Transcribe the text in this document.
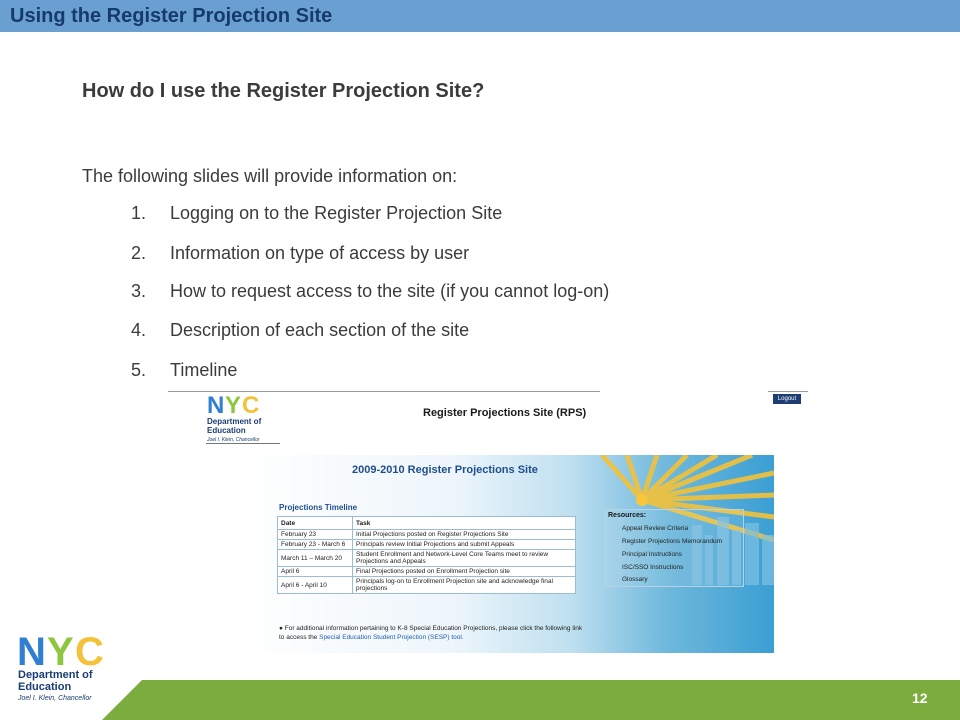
Using the Register Projection Site
How do I use the Register Projection Site?
The following slides will provide information on:
1. Logging on to the Register Projection Site
2. Information on type of access by user
3. How to request access to the site (if you cannot log-on)
4. Description of each section of the site
5. Timeline
Logout
N Y C
Department of
Education
Joel I. Klein, Chancellor
Register Projections Site (RPS)
2009-2010 Register Projections Site
Projections Timeline
Date	Task
February 23	Initial Projections posted on Register Projections Site
February 23 - March 6	Principals review Initial Projections and submit Appeals
March 11 – March 20	Student Enrollment and Network-Level Core Teams meet to review Projections and Appeals
April 6	Final Projections posted on Enrollment Projection site
April 6 - April 10	Principals log-on to Enrollment Projection site and acknowledge final projections
● For additional information pertaining to K-8 Special Education Projections, please click the following link to access the Special Education Student Projection (SESP) tool.
Resources:
Appeal Review Criteria
Register Projections Memorandum
Principal Instructions
ISC/SSO Instructions
Glossary
12
N Y C
Department of
Education
Joel I. Klein, Chancellor
